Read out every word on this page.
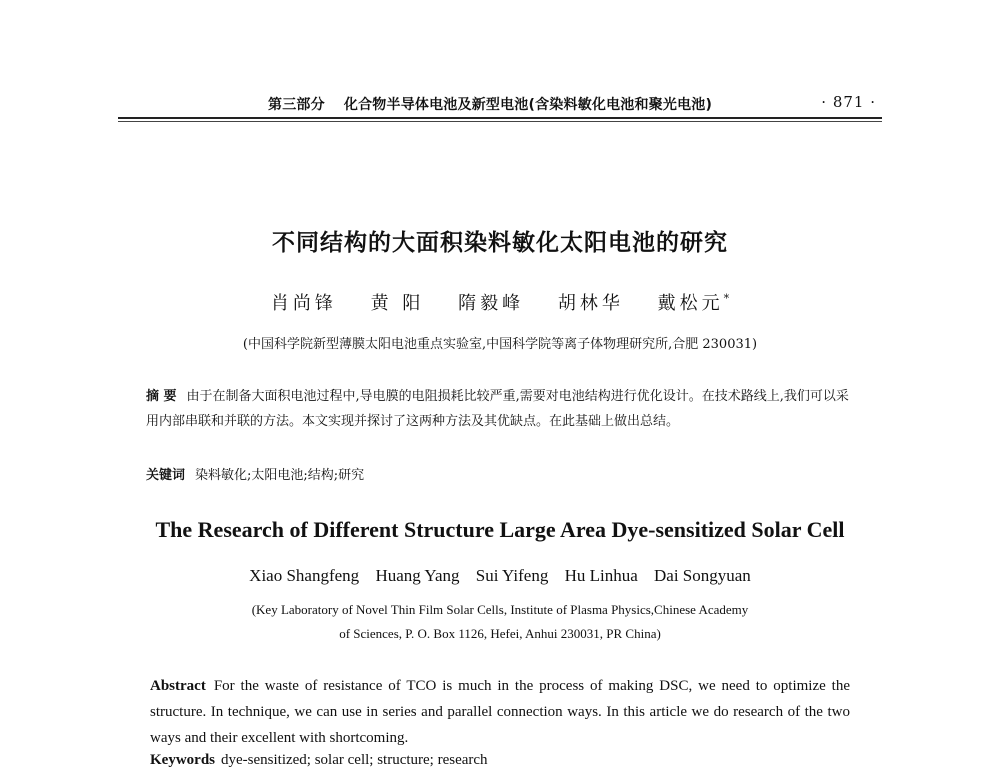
第三部分 化合物半导体电池及新型电池(含染料敏化电池和聚光电池)	· 871 ·
不同结构的大面积染料敏化太阳电池的研究
肖尚锋 黄 阳 隋毅峰 胡林华 戴松元*
(中国科学院新型薄膜太阳电池重点实验室,中国科学院等离子体物理研究所,合肥 230031)
摘 要 由于在制备大面积电池过程中,导电膜的电阻损耗比较严重,需要对电池结构进行优化设计。在技术路线上,我们可以采用内部串联和并联的方法。本文实现并探讨了这两种方法及其优缺点。在此基础上做出总结。
关键词 染料敏化;太阳电池;结构;研究
The Research of Different Structure Large Area Dye-sensitized Solar Cell
Xiao Shangfeng Huang Yang Sui Yifeng Hu Linhua Dai Songyuan
(Key Laboratory of Novel Thin Film Solar Cells, Institute of Plasma Physics,Chinese Academy
of Sciences, P. O. Box 1126, Hefei, Anhui 230031, PR China)
Abstract For the waste of resistance of TCO is much in the process of making DSC, we need to optimize the structure. In technique, we can use in series and parallel connection ways. In this article we do research of the two ways and their excellent with shortcoming.
Keywords dye-sensitized; solar cell; structure; research
